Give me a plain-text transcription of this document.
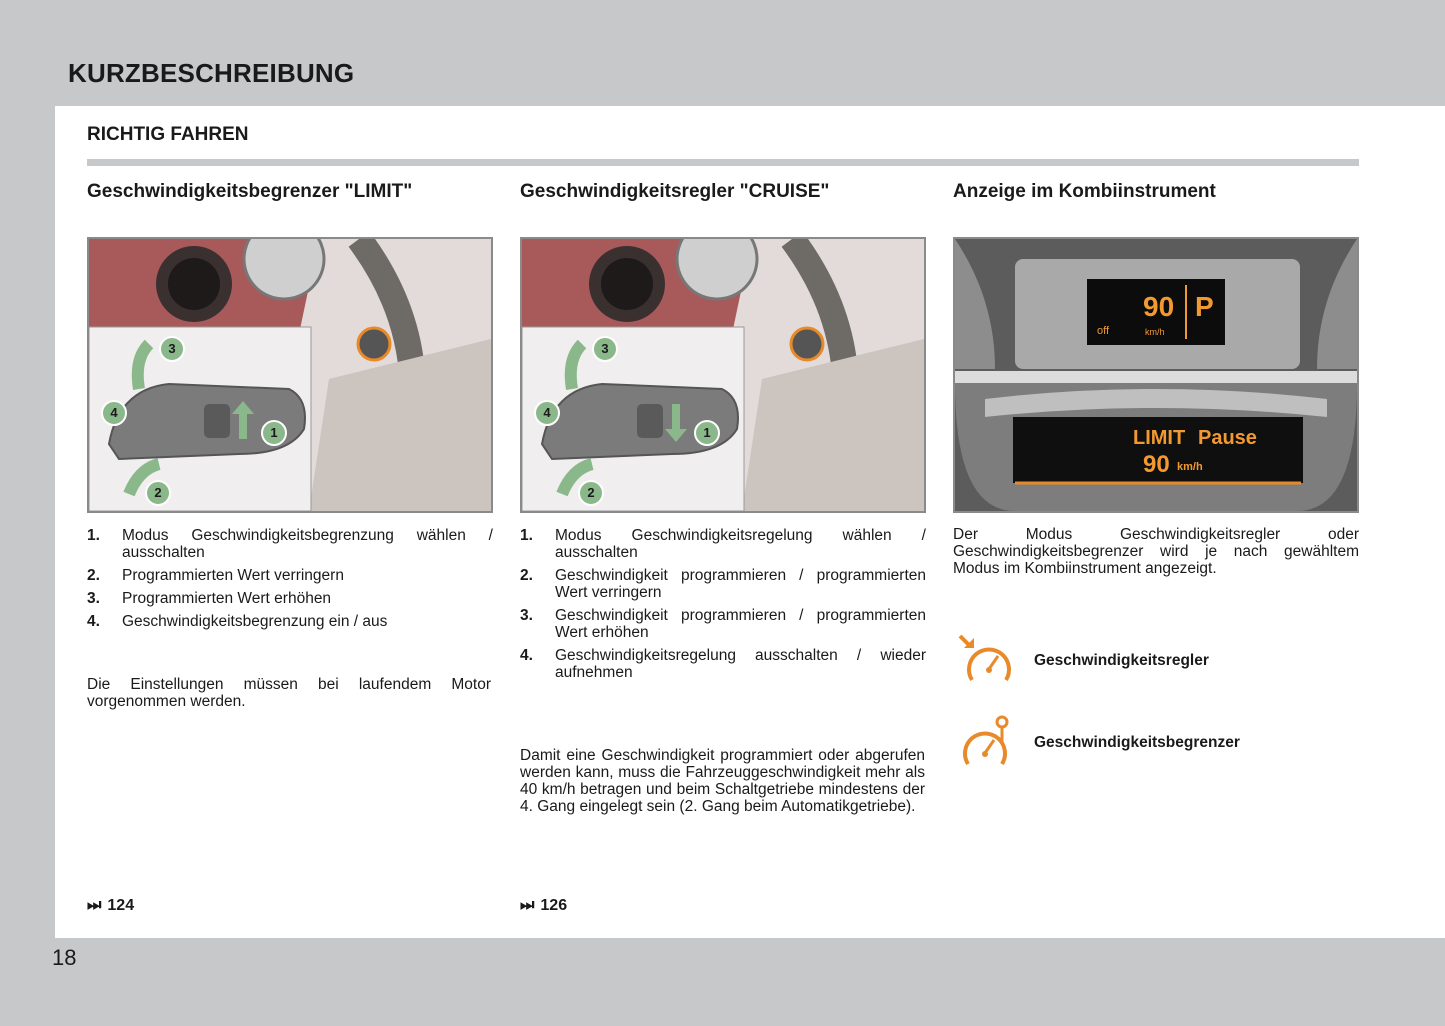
KURZBESCHREIBUNG
RICHTIG FAHREN
Geschwindigkeitsbegrenzer "LIMIT"
1
2
3
4
1.	Modus Geschwindigkeitsbegrenzung wählen / ausschalten
2.	Programmierten Wert verringern
3.	Programmierten Wert erhöhen
4.	Geschwindigkeitsbegrenzung ein / aus
Die Einstellungen müssen bei laufendem Motor vorgenommen werden.
⏭ 124
Geschwindigkeitsregler "CRUISE"
1
2
3
4
1.	Modus Geschwindigkeitsregelung wählen / ausschalten
2.	Geschwindigkeit programmieren / programmierten Wert verringern
3.	Geschwindigkeit programmieren / programmierten Wert erhöhen
4.	Geschwindigkeitsregelung ausschalten / wieder aufnehmen
Damit eine Geschwindigkeit programmiert oder abgerufen werden kann, muss die Fahrzeuggeschwindigkeit mehr als 40 km/h betragen und beim Schaltgetriebe mindestens der 4. Gang eingelegt sein (2. Gang beim Automatikgetriebe).
⏭ 126
Anzeige im Kombiinstrument
off
90
km/h
P
LIMIT Pause
90 km/h
Der Modus Geschwindigkeitsregler oder Geschwindigkeitsbegrenzer wird je nach gewähltem Modus im Kombiinstrument angezeigt.
Geschwindigkeitsregler
Geschwindigkeitsbegrenzer
18
